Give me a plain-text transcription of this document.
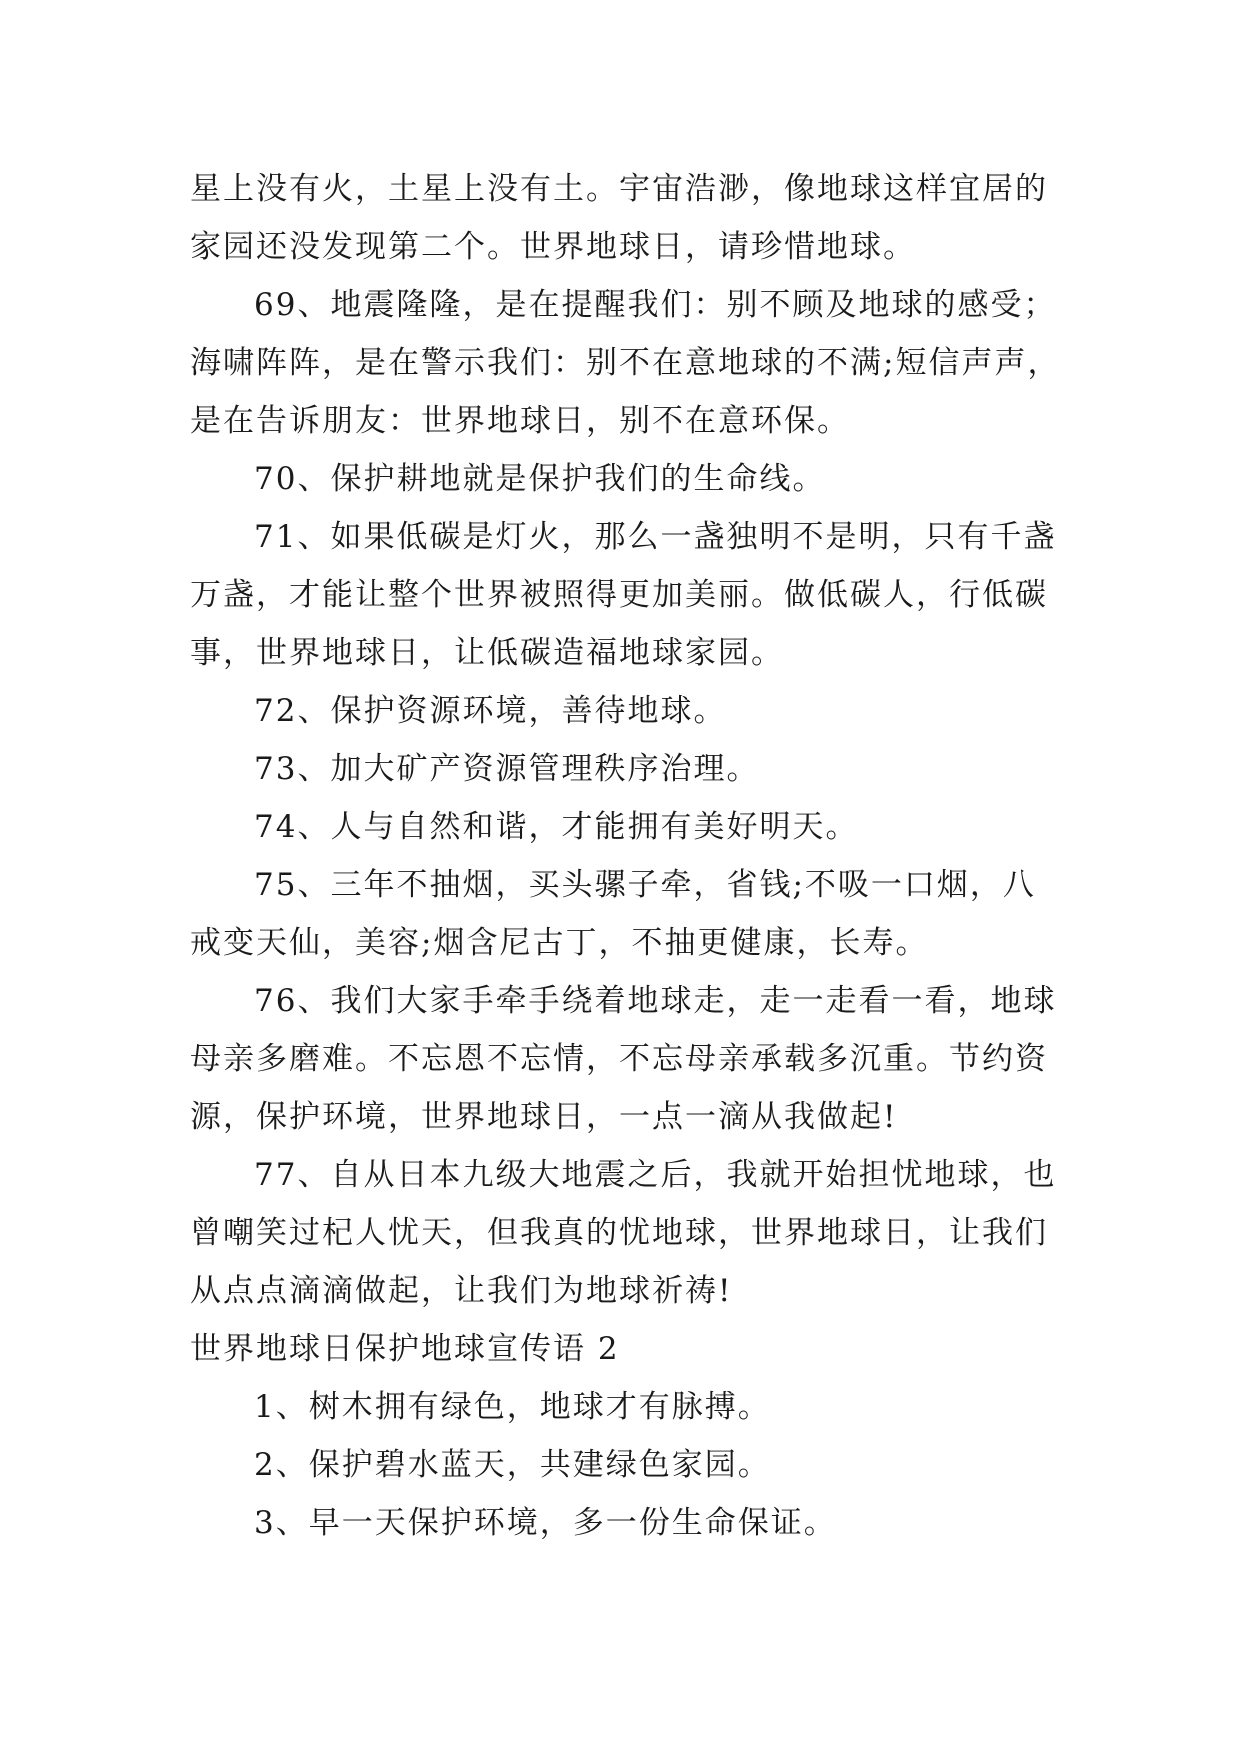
星上没有火，土星上没有土。宇宙浩渺，像地球这样宜居的
家园还没发现第二个。世界地球日，请珍惜地球。
69、地震隆隆，是在提醒我们：别不顾及地球的感受；
海啸阵阵，是在警示我们：别不在意地球的不满;短信声声，
是在告诉朋友：世界地球日，别不在意环保。
70、保护耕地就是保护我们的生命线。
71、如果低碳是灯火，那么一盏独明不是明，只有千盏
万盏，才能让整个世界被照得更加美丽。做低碳人，行低碳
事，世界地球日，让低碳造福地球家园。
72、保护资源环境，善待地球。
73、加大矿产资源管理秩序治理。
74、人与自然和谐，才能拥有美好明天。
75、三年不抽烟，买头骡子牵，省钱;不吸一口烟，八
戒变天仙，美容;烟含尼古丁，不抽更健康，长寿。
76、我们大家手牵手绕着地球走，走一走看一看，地球
母亲多磨难。不忘恩不忘情，不忘母亲承载多沉重。节约资
源，保护环境，世界地球日，一点一滴从我做起!
77、自从日本九级大地震之后，我就开始担忧地球，也
曾嘲笑过杞人忧天，但我真的忧地球，世界地球日，让我们
从点点滴滴做起，让我们为地球祈祷!
世界地球日保护地球宣传语 2
1、树木拥有绿色，地球才有脉搏。
2、保护碧水蓝天，共建绿色家园。
3、早一天保护环境，多一份生命保证。
